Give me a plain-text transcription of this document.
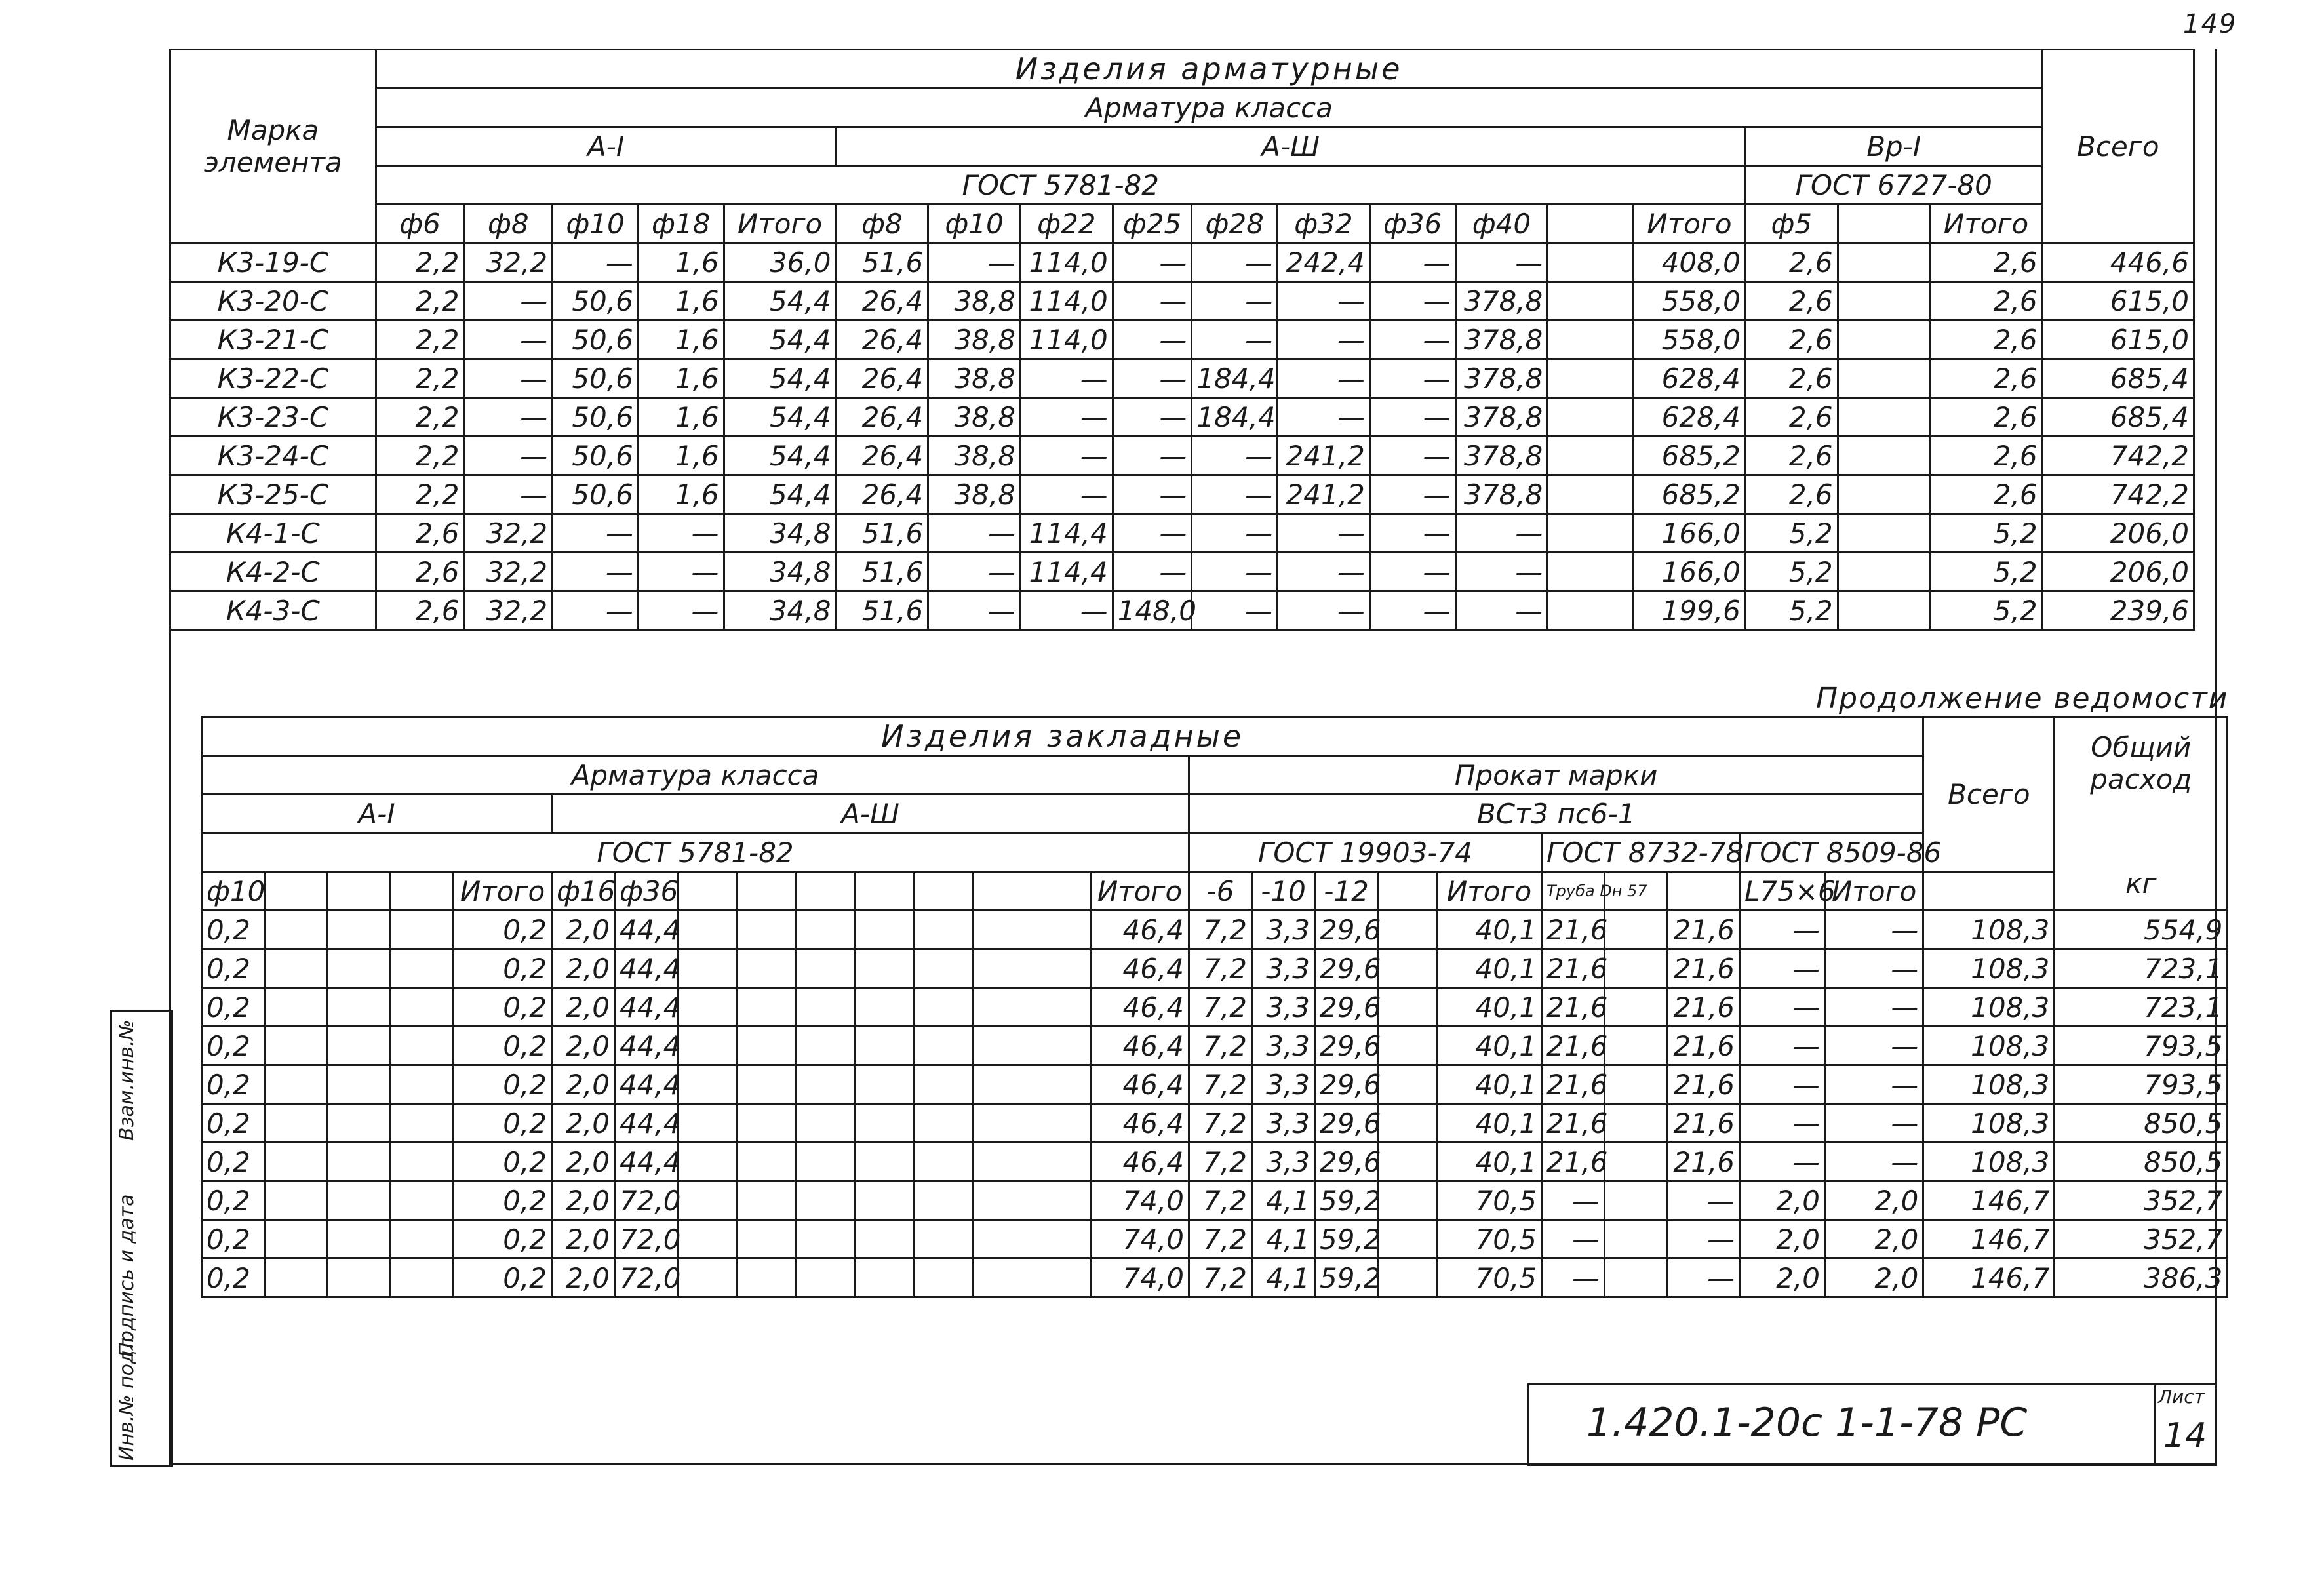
149
Марка элемента	Изделия арматурные																		Всего
	Арматура класса																		
	А-I					А-Ш										Вр-I			
	ГОСТ 5781-82															ГОСТ 6727-80			
	ф6	ф8	ф10	ф18	Итого	ф8	ф10	ф22	ф25	ф28	ф32	ф36	ф40		Итого	ф5		Итого	
К3-19-С	2,2	32,2	—	1,6	36,0	51,6	—	114,0	—	—	242,4	—	—		408,0	2,6		2,6	446,6
К3-20-С	2,2	—	50,6	1,6	54,4	26,4	38,8	114,0	—	—	—	—	378,8		558,0	2,6		2,6	615,0
К3-21-С	2,2	—	50,6	1,6	54,4	26,4	38,8	114,0	—	—	—	—	378,8		558,0	2,6		2,6	615,0
К3-22-С	2,2	—	50,6	1,6	54,4	26,4	38,8	—	—	184,4	—	—	378,8		628,4	2,6		2,6	685,4
К3-23-С	2,2	—	50,6	1,6	54,4	26,4	38,8	—	—	184,4	—	—	378,8		628,4	2,6		2,6	685,4
К3-24-С	2,2	—	50,6	1,6	54,4	26,4	38,8	—	—	—	241,2	—	378,8		685,2	2,6		2,6	742,2
К3-25-С	2,2	—	50,6	1,6	54,4	26,4	38,8	—	—	—	241,2	—	378,8		685,2	2,6		2,6	742,2
К4-1-С	2,6	32,2	—	—	34,8	51,6	—	114,4	—	—	—	—	—		166,0	5,2		5,2	206,0
К4-2-С	2,6	32,2	—	—	34,8	51,6	—	114,4	—	—	—	—	—		166,0	5,2		5,2	206,0
К4-3-С	2,6	32,2	—	—	34,8	51,6	—	—	148,0	—	—	—	—		199,6	5,2		5,2	239,6
Продолжение ведомости
Изделия закладные																								Всего	Общий расход
кг

Арматура класса														Прокат марки											
А-I					А-Ш									ВСт3 пс6-1											
ГОСТ 5781-82														ГОСТ 19903-74					ГОСТ 8732-78			ГОСТ 8509-86			
ф10				Итого	ф16	ф36							Итого	-6	-10	-12		Итого	Труба Dн 57			L75×6	Итого		
0,2				0,2	2,0	44,4							46,4	7,2	3,3	29,6		40,1	21,6		21,6	—	—	108,3	554,9
0,2				0,2	2,0	44,4							46,4	7,2	3,3	29,6		40,1	21,6		21,6	—	—	108,3	723,1
0,2				0,2	2,0	44,4							46,4	7,2	3,3	29,6		40,1	21,6		21,6	—	—	108,3	723,1
0,2				0,2	2,0	44,4							46,4	7,2	3,3	29,6		40,1	21,6		21,6	—	—	108,3	793,5
0,2				0,2	2,0	44,4							46,4	7,2	3,3	29,6		40,1	21,6		21,6	—	—	108,3	793,5
0,2				0,2	2,0	44,4							46,4	7,2	3,3	29,6		40,1	21,6		21,6	—	—	108,3	850,5
0,2				0,2	2,0	44,4							46,4	7,2	3,3	29,6		40,1	21,6		21,6	—	—	108,3	850,5
0,2				0,2	2,0	72,0							74,0	7,2	4,1	59,2		70,5	—		—	2,0	2,0	146,7	352,7
0,2				0,2	2,0	72,0							74,0	7,2	4,1	59,2		70,5	—		—	2,0	2,0	146,7	352,7
0,2				0,2	2,0	72,0							74,0	7,2	4,1	59,2		70,5	—		—	2,0	2,0	146,7	386,3
Инв.№ подл.
Подпись и дата
Взам.инв.№
1.420.1-20с 1-1-78 РС
Лист
14
